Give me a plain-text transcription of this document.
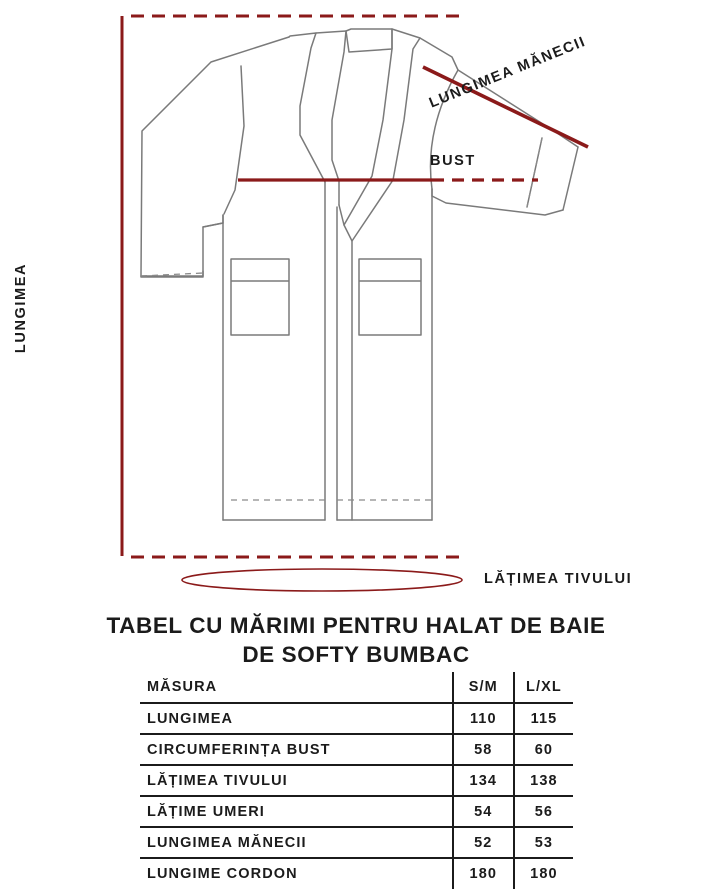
LUNGIMEA
BUST
LUNGIMEA MĂNECII
LĂȚIMEA TIVULUI
TABEL CU MĂRIMI PENTRU HALAT DE BAIE DE SOFTY BUMBAC
MĂSURA	S/M	L/XL
LUNGIMEA	110	115
CIRCUMFERINȚA BUST	58	60
LĂȚIMEA TIVULUI	134	138
LĂȚIME UMERI	54	56
LUNGIMEA MĂNECII	52	53
LUNGIME CORDON	180	180
